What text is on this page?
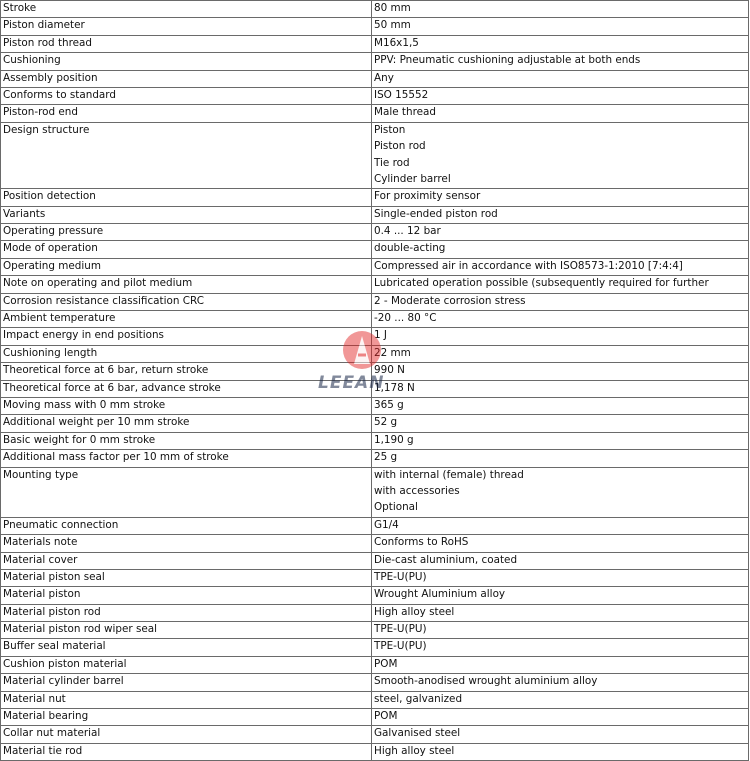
Stroke	80 mm

Piston diameter	50 mm

Piston rod thread	M16x1,5

Cushioning	PPV: Pneumatic cushioning adjustable at both ends

Assembly position	Any

Conforms to standard	ISO 15552

Piston-rod end	Male thread

Design structure	Piston
Piston rod
Tie rod
Cylinder barrel

Position detection	For proximity sensor

Variants	Single-ended piston rod

Operating pressure	0.4 ... 12 bar

Mode of operation	double-acting

Operating medium	Compressed air in accordance with ISO8573-1:2010 [7:4:4]

Note on operating and pilot medium	Lubricated operation possible (subsequently required for further

Corrosion resistance classification CRC	2 - Moderate corrosion stress

Ambient temperature	-20 ... 80 °C

Impact energy in end positions	1 J

Cushioning length	22 mm

Theoretical force at 6 bar, return stroke	990 N

Theoretical force at 6 bar, advance stroke	1,178 N

Moving mass with 0 mm stroke	365 g

Additional weight per 10 mm stroke	52 g

Basic weight for 0 mm stroke	1,190 g

Additional mass factor per 10 mm of stroke	25 g

Mounting type	with internal (female) thread
with accessories
Optional

Pneumatic connection	G1/4

Materials note	Conforms to RoHS

Material cover	Die-cast aluminium, coated

Material piston seal	TPE-U(PU)

Material piston	Wrought Aluminium alloy

Material piston rod	High alloy steel

Material piston rod wiper seal	TPE-U(PU)

Buffer seal material	TPE-U(PU)

Cushion piston material	POM

Material cylinder barrel	Smooth-anodised wrought aluminium alloy

Material nut	steel, galvanized

Material bearing	POM

Collar nut material	Galvanised steel

Material tie rod	High alloy steel
LEEAN
